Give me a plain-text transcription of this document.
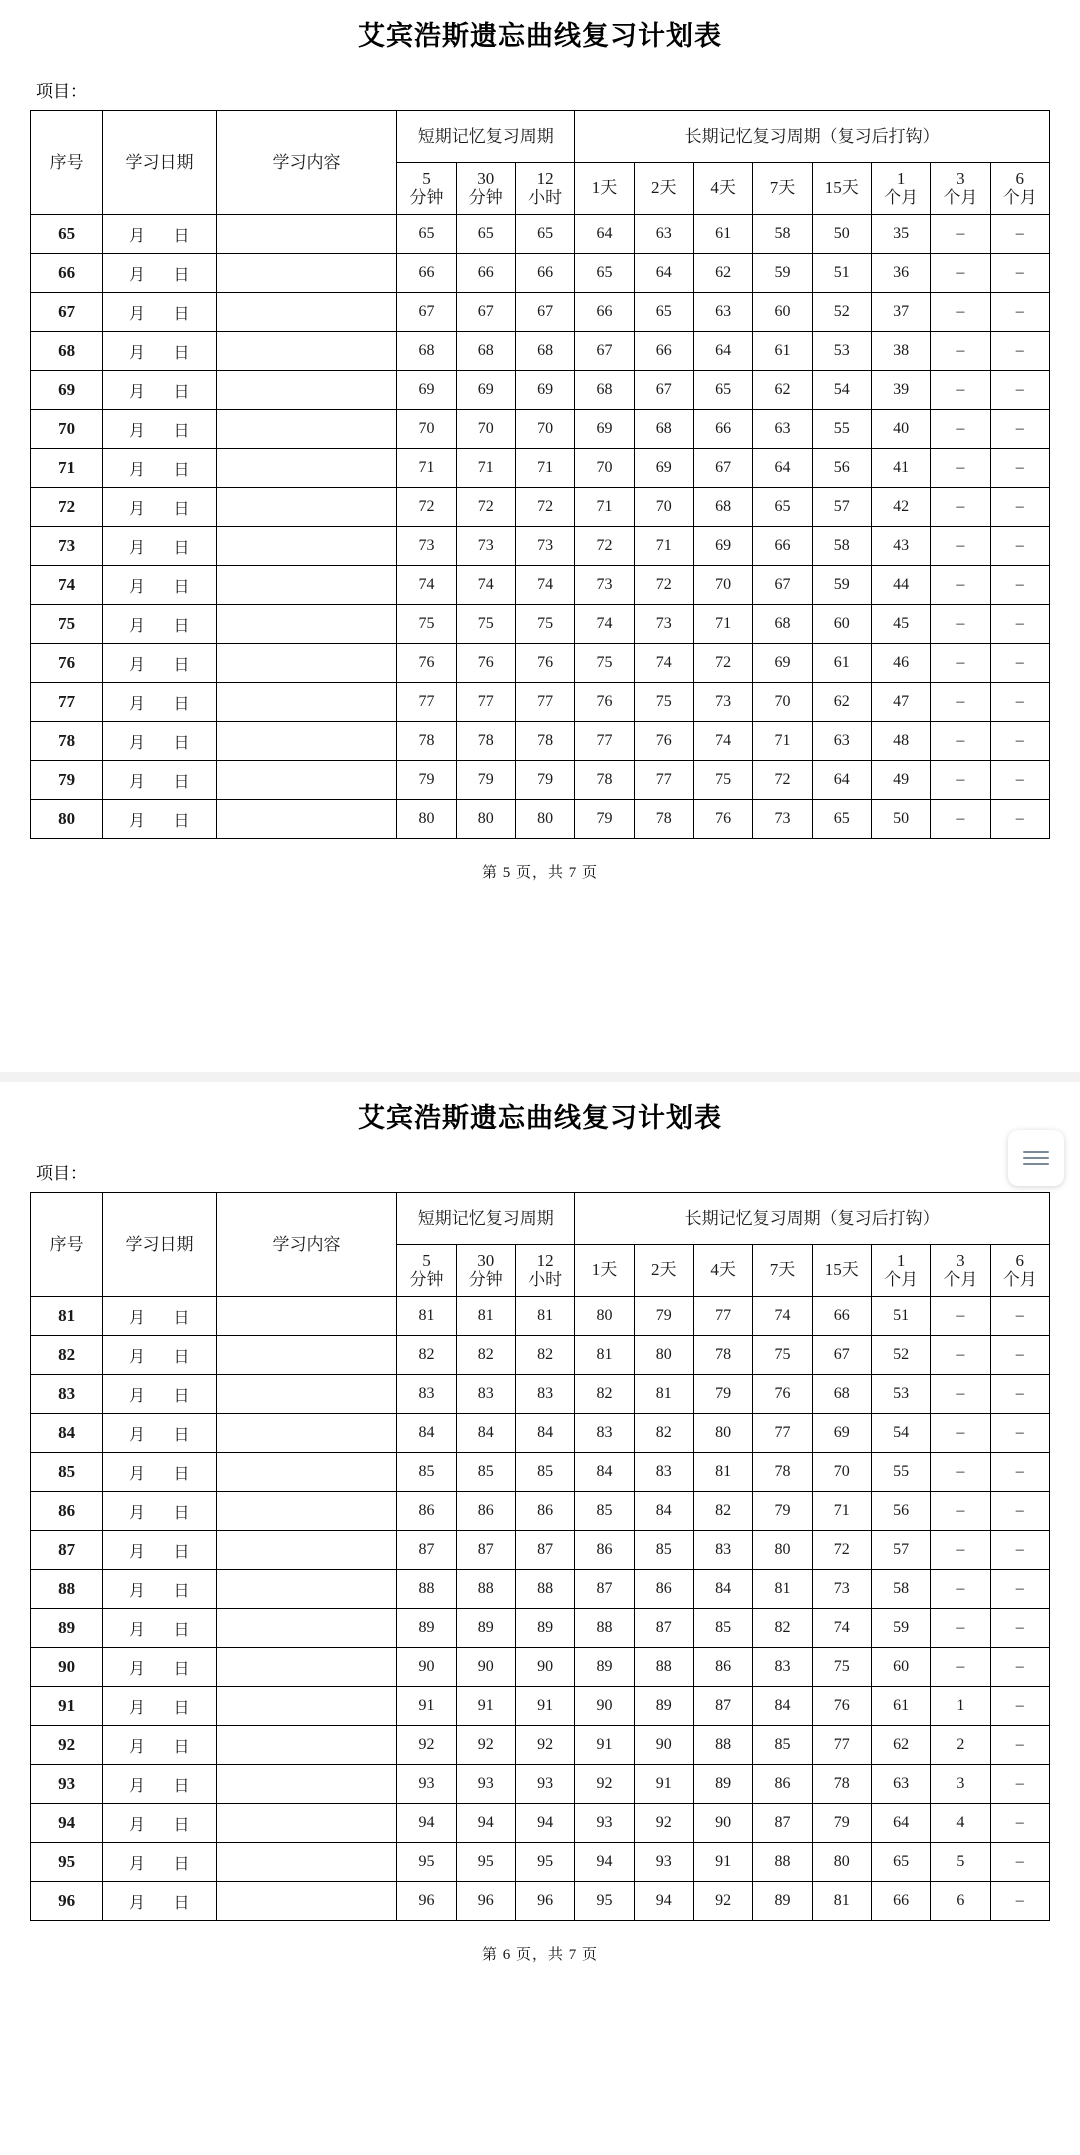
艾宾浩斯遗忘曲线复习计划表
项目：
序号	学习日期	学习内容	短期记忆复习周期			长期记忆复习周期（复习后打钩）							

			5
分钟	30
分钟	12
小时	1天	2天	4天	7天	15天	1
个月	3
个月	6
个月

65	月 日		65	65	65	64	63	61	58	50	35	–	–
66	月 日		66	66	66	65	64	62	59	51	36	–	–
67	月 日		67	67	67	66	65	63	60	52	37	–	–
68	月 日		68	68	68	67	66	64	61	53	38	–	–
69	月 日		69	69	69	68	67	65	62	54	39	–	–
70	月 日		70	70	70	69	68	66	63	55	40	–	–
71	月 日		71	71	71	70	69	67	64	56	41	–	–
72	月 日		72	72	72	71	70	68	65	57	42	–	–
73	月 日		73	73	73	72	71	69	66	58	43	–	–
74	月 日		74	74	74	73	72	70	67	59	44	–	–
75	月 日		75	75	75	74	73	71	68	60	45	–	–
76	月 日		76	76	76	75	74	72	69	61	46	–	–
77	月 日		77	77	77	76	75	73	70	62	47	–	–
78	月 日		78	78	78	77	76	74	71	63	48	–	–
79	月 日		79	79	79	78	77	75	72	64	49	–	–
80	月 日		80	80	80	79	78	76	73	65	50	–	–
第 5 页，共 7 页
艾宾浩斯遗忘曲线复习计划表
项目：
序号	学习日期	学习内容	短期记忆复习周期			长期记忆复习周期（复习后打钩）							

			5
分钟	30
分钟	12
小时	1天	2天	4天	7天	15天	1
个月	3
个月	6
个月

81	月 日		81	81	81	80	79	77	74	66	51	–	–
82	月 日		82	82	82	81	80	78	75	67	52	–	–
83	月 日		83	83	83	82	81	79	76	68	53	–	–
84	月 日		84	84	84	83	82	80	77	69	54	–	–
85	月 日		85	85	85	84	83	81	78	70	55	–	–
86	月 日		86	86	86	85	84	82	79	71	56	–	–
87	月 日		87	87	87	86	85	83	80	72	57	–	–
88	月 日		88	88	88	87	86	84	81	73	58	–	–
89	月 日		89	89	89	88	87	85	82	74	59	–	–
90	月 日		90	90	90	89	88	86	83	75	60	–	–
91	月 日		91	91	91	90	89	87	84	76	61	1	–
92	月 日		92	92	92	91	90	88	85	77	62	2	–
93	月 日		93	93	93	92	91	89	86	78	63	3	–
94	月 日		94	94	94	93	92	90	87	79	64	4	–
95	月 日		95	95	95	94	93	91	88	80	65	5	–
96	月 日		96	96	96	95	94	92	89	81	66	6	–
第 6 页，共 7 页
